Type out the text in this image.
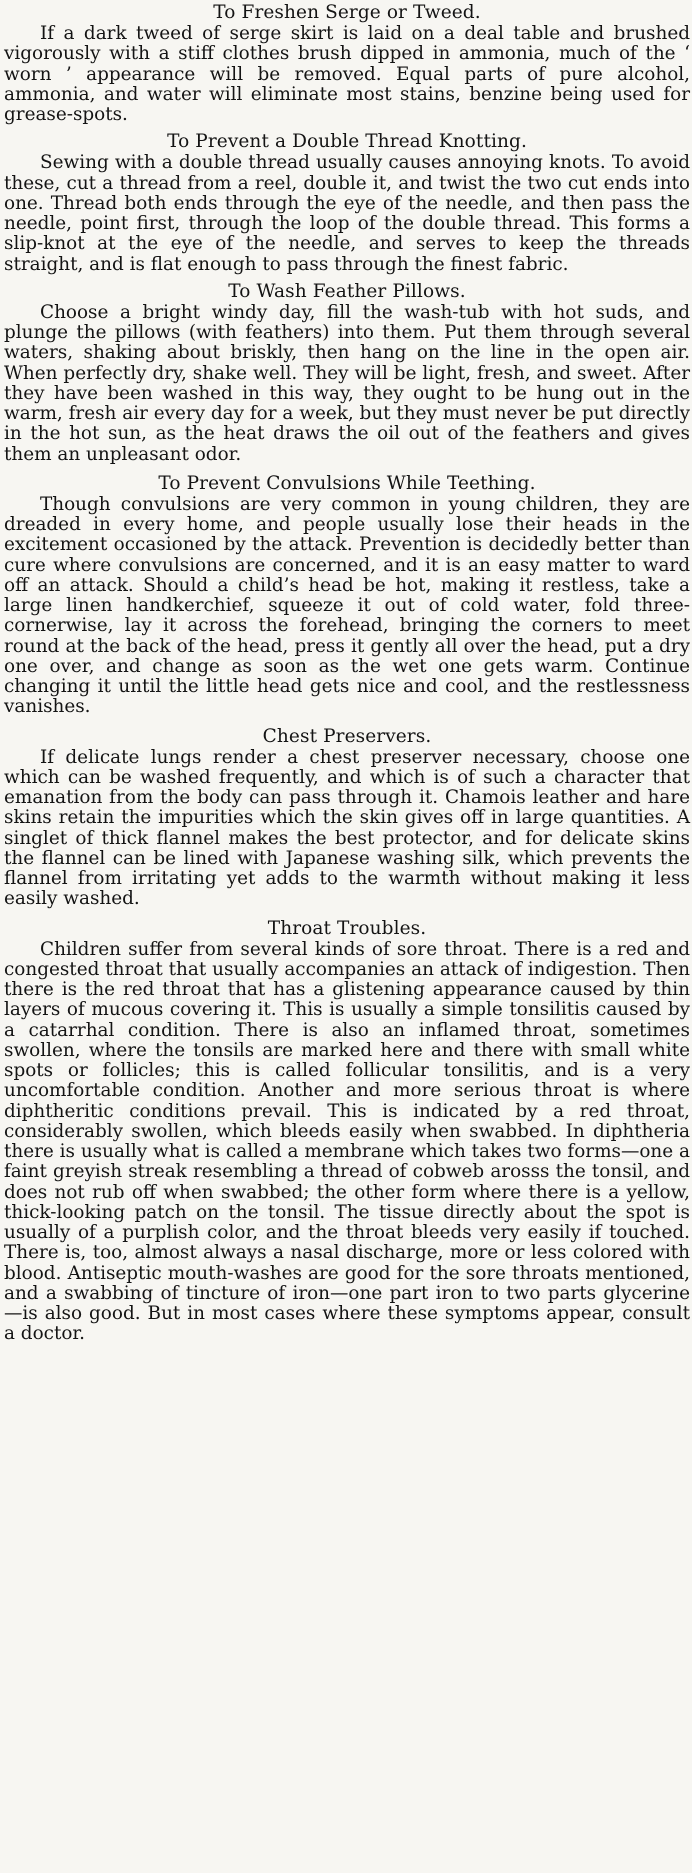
To Freshen Serge or Tweed.

If a dark tweed of serge skirt is laid on a deal table and brushed vigorously with a stiff clothes brush dipped in ammonia, much of the ‘ worn ’ appearance will be removed. Equal parts of pure alcohol, ammonia, and water will eliminate most stains, benzine being used for grease-spots.

To Prevent a Double Thread Knotting.

Sewing with a double thread usually causes annoying knots. To avoid these, cut a thread from a reel, double it, and twist the two cut ends into one. Thread both ends through the eye of the needle, and then pass the needle, point first, through the loop of the double thread. This forms a slip-knot at the eye of the needle, and serves to keep the threads straight, and is flat enough to pass through the finest fabric.

To Wash Feather Pillows.

Choose a bright windy day, fill the wash-tub with hot suds, and plunge the pillows (with feathers) into them. Put them through several waters, shaking about briskly, then hang on the line in the open air. When perfectly dry, shake well. They will be light, fresh, and sweet. After they have been washed in this way, they ought to be hung out in the warm, fresh air every day for a week, but they must never be put directly in the hot sun, as the heat draws the oil out of the feathers and gives them an unpleasant odor.

To Prevent Convulsions While Teething.

Though convulsions are very common in young children, they are dreaded in every home, and people usually lose their heads in the excitement occasioned by the attack. Prevention is decidedly better than cure where convulsions are concerned, and it is an easy matter to ward off an attack. Should a child’s head be hot, making it restless, take a large linen handkerchief, squeeze it out of cold water, fold three-cornerwise, lay it across the forehead, bringing the corners to meet round at the back of the head, press it gently all over the head, put a dry one over, and change as soon as the wet one gets warm. Continue changing it until the little head gets nice and cool, and the restlessness vanishes.

Chest Preservers.

If delicate lungs render a chest preserver necessary, choose one which can be washed frequently, and which is of such a character that emanation from the body can pass through it. Chamois leather and hare skins retain the impurities which the skin gives off in large quantities. A singlet of thick flannel makes the best protector, and for delicate skins the flannel can be lined with Japanese washing silk, which prevents the flannel from irritating yet adds to the warmth without making it less easily washed.

Throat Troubles.

Children suffer from several kinds of sore throat. There is a red and congested throat that usually accompanies an attack of indigestion. Then there is the red throat that has a glistening appearance caused by thin layers of mucous covering it. This is usually a simple tonsilitis caused by a catarrhal condition. There is also an inflamed throat, sometimes swollen, where the tonsils are marked here and there with small white spots or follicles; this is called follicular tonsilitis, and is a very uncomfortable condition. Another and more serious throat is where diphtheritic conditions prevail. This is indicated by a red throat, considerably swollen, which bleeds easily when swabbed. In diphtheria there is usually what is called a membrane which takes two forms—one a faint greyish streak resembling a thread of cobweb arosss the tonsil, and does not rub off when swabbed; the other form where there is a yellow, thick-looking patch on the tonsil. The tissue directly about the spot is usually of a purplish color, and the throat bleeds very easily if touched. There is, too, almost always a nasal discharge, more or less colored with blood. Antiseptic mouth-washes are good for the sore throats mentioned, and a swabbing of tincture of iron—one part iron to two parts glycerine—is also good. But in most cases where these symptoms appear, consult a doctor.
